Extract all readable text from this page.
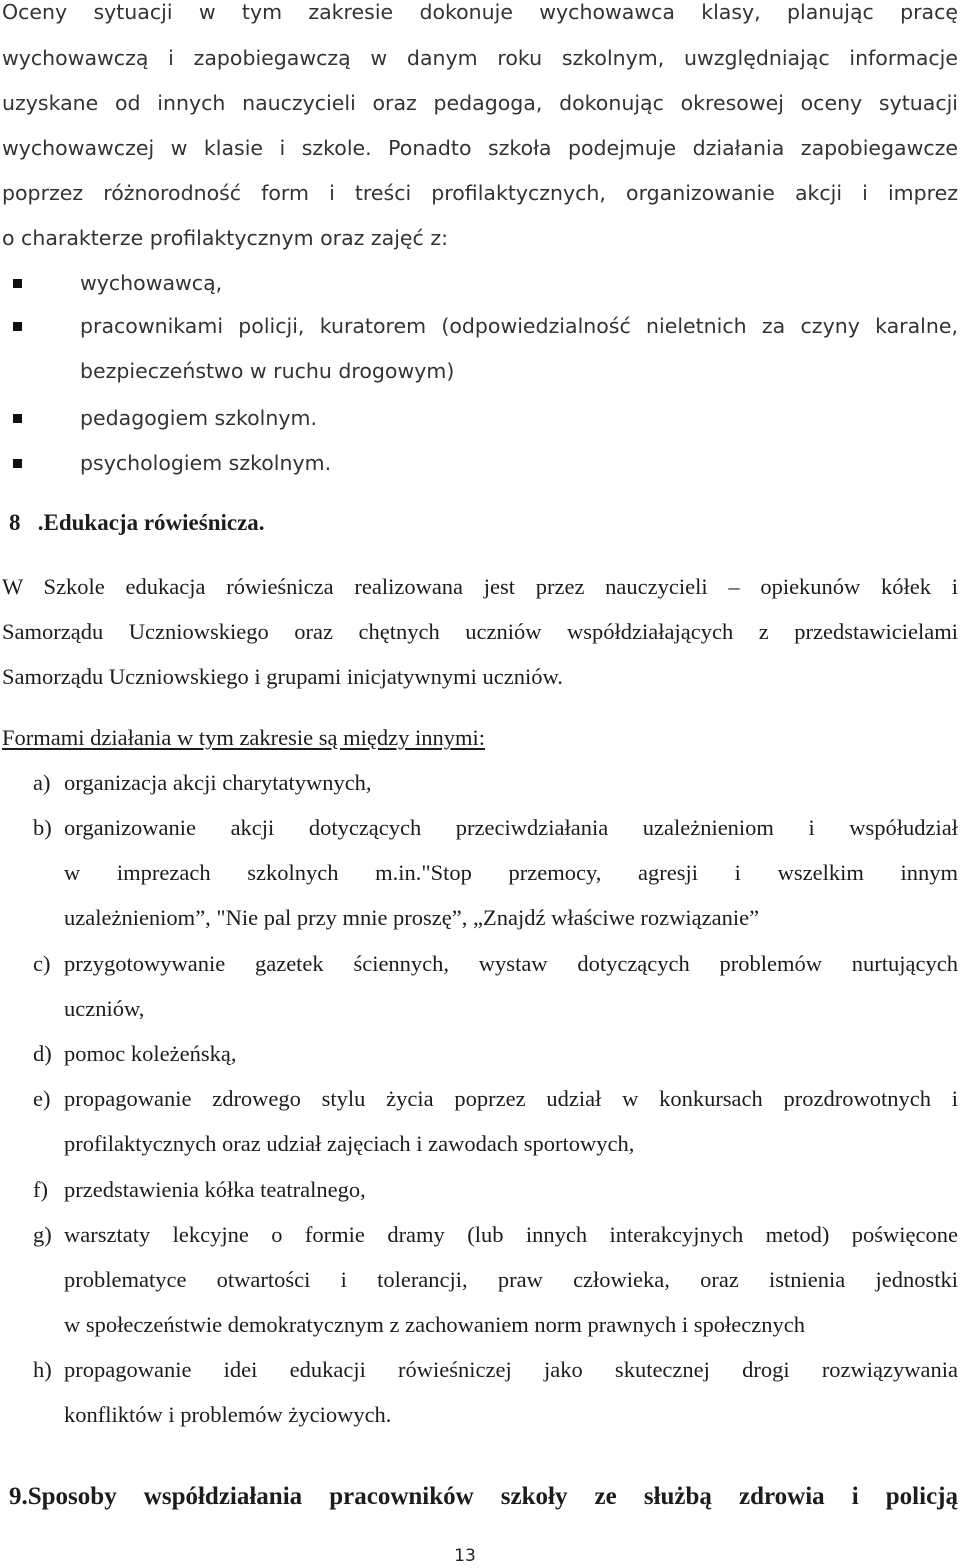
Oceny sytuacji w tym zakresie dokonuje wychowawca klasy, planując pracę
wychowawczą i zapobiegawczą w danym roku szkolnym, uwzględniając informacje
uzyskane od innych nauczycieli oraz pedagoga, dokonując okresowej oceny sytuacji
wychowawczej w klasie i szkole. Ponadto szkoła podejmuje działania zapobiegawcze
poprzez różnorodność form i treści profilaktycznych, organizowanie akcji i imprez
o charakterze profilaktycznym oraz zajęć z:
wychowawcą,
pracownikami policji, kuratorem (odpowiedzialność nieletnich za czyny karalne,
bezpieczeństwo w ruchu drogowym)
pedagogiem szkolnym.
psychologiem szkolnym.
8   .Edukacja rówieśnicza.
W Szkole edukacja rówieśnicza realizowana jest przez nauczycieli – opiekunów kółek i
Samorządu Uczniowskiego oraz chętnych uczniów współdziałających z przedstawicielami
Samorządu Uczniowskiego i grupami inicjatywnymi uczniów.
Formami działania w tym zakresie są między innymi:
a) organizacja akcji charytatywnych,
b) organizowanie akcji dotyczących przeciwdziałania uzależnieniom i współudział
w imprezach szkolnych m.in."Stop przemocy, agresji i wszelkim innym
uzależnieniom”, "Nie pal przy mnie proszę”, „Znajdź właściwe rozwiązanie”
c) przygotowywanie gazetek ściennych, wystaw dotyczących problemów nurtujących
uczniów,
d) pomoc koleżeńską,
e) propagowanie zdrowego stylu życia poprzez udział w konkursach prozdrowotnych i
profilaktycznych oraz udział zajęciach i zawodach sportowych,
f) przedstawienia kółka teatralnego,
g) warsztaty lekcyjne o formie dramy (lub innych interakcyjnych metod) poświęcone
problematyce otwartości i tolerancji, praw człowieka, oraz istnienia jednostki
w społeczeństwie demokratycznym z zachowaniem norm prawnych i społecznych
h) propagowanie idei edukacji rówieśniczej jako skutecznej drogi rozwiązywania
konfliktów i problemów życiowych.
9.Sposoby współdziałania pracowników szkoły ze służbą zdrowia i policją
13
